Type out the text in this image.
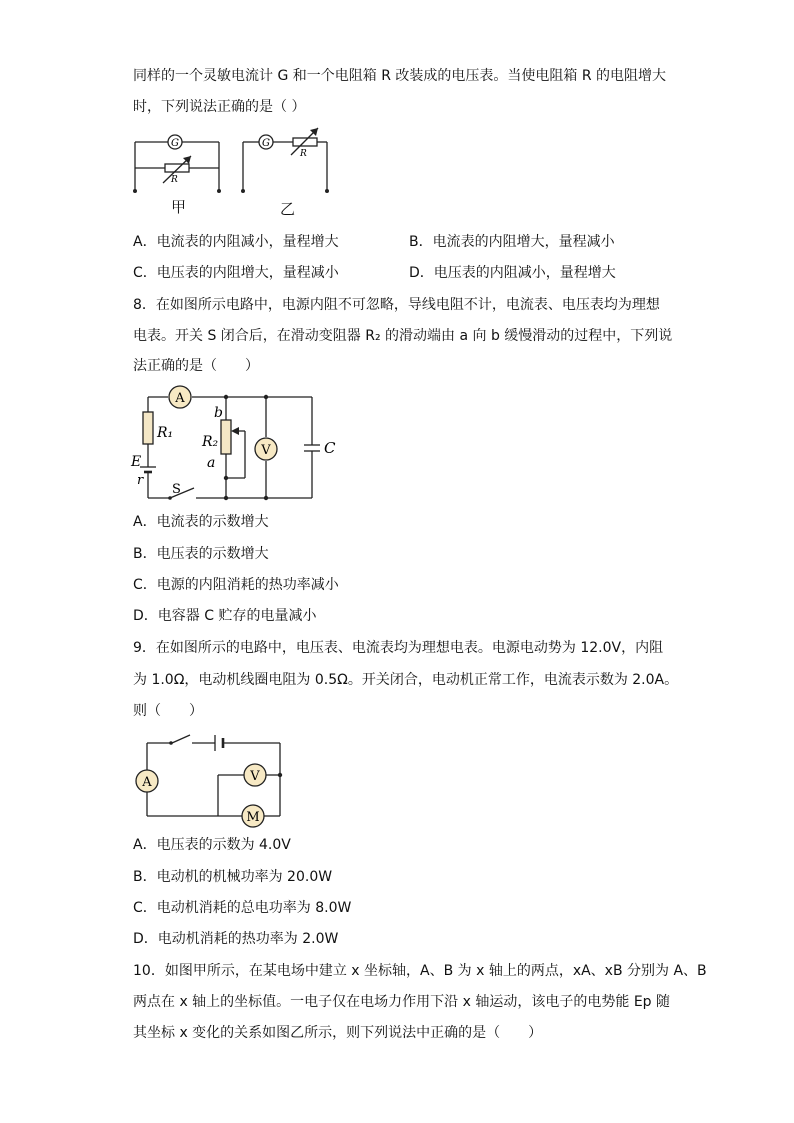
同样的一个灵敏电流计 G 和一个电阻箱 R 改装成的电压表。当使电阻箱 R 的电阻增大
时，下列说法正确的是（ ）
G
R
G
R
甲	乙
A．电流表的内阻减小，量程增大	B．电流表的内阻增大，量程减小
C．电压表的内阻增大，量程减小	D．电压表的内阻减小，量程增大
8．在如图所示电路中，电源内阻不可忽略，导线电阻不计，电流表、电压表均为理想
电表。开关 S 闭合后，在滑动变阻器 R₂ 的滑动端由 a 向 b 缓慢滑动的过程中，下列说
法正确的是（　　）
A
V
R₁
R₂
b
a
C
E
r
S
A．电流表的示数增大
B．电压表的示数增大
C．电源的内阻消耗的热功率减小
D．电容器 C 贮存的电量减小
9．在如图所示的电路中，电压表、电流表均为理想电表。电源电动势为 12.0V，内阻
为 1.0Ω，电动机线圈电阻为 0.5Ω。开关闭合，电动机正常工作，电流表示数为 2.0A。
则（　　）
A	V
M
A．电压表的示数为 4.0V
B．电动机的机械功率为 20.0W
C．电动机消耗的总电功率为 8.0W
D．电动机消耗的热功率为 2.0W
10．如图甲所示，在某电场中建立 x 坐标轴，A、B 为 x 轴上的两点，xA、xB 分别为 A、B
两点在 x 轴上的坐标值。一电子仅在电场力作用下沿 x 轴运动，该电子的电势能 Ep 随
其坐标 x 变化的关系如图乙所示，则下列说法中正确的是（　　）
